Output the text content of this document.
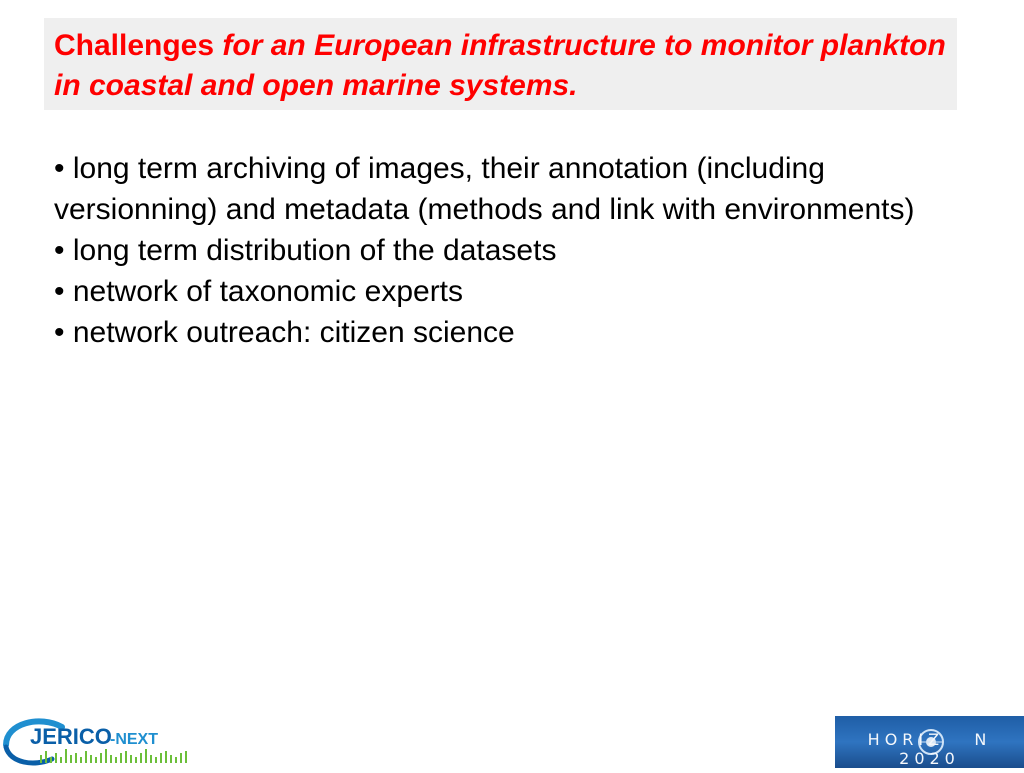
Challenges for an European infrastructure to monitor plankton in coastal and open marine systems.

• long term archiving of images, their annotation (including versionning) and metadata (methods and link with environments)

• long term distribution of the datasets

• network of taxonomic experts

• network outreach: citizen science

JERICO
-NEXT	HORIZ   N 2020
